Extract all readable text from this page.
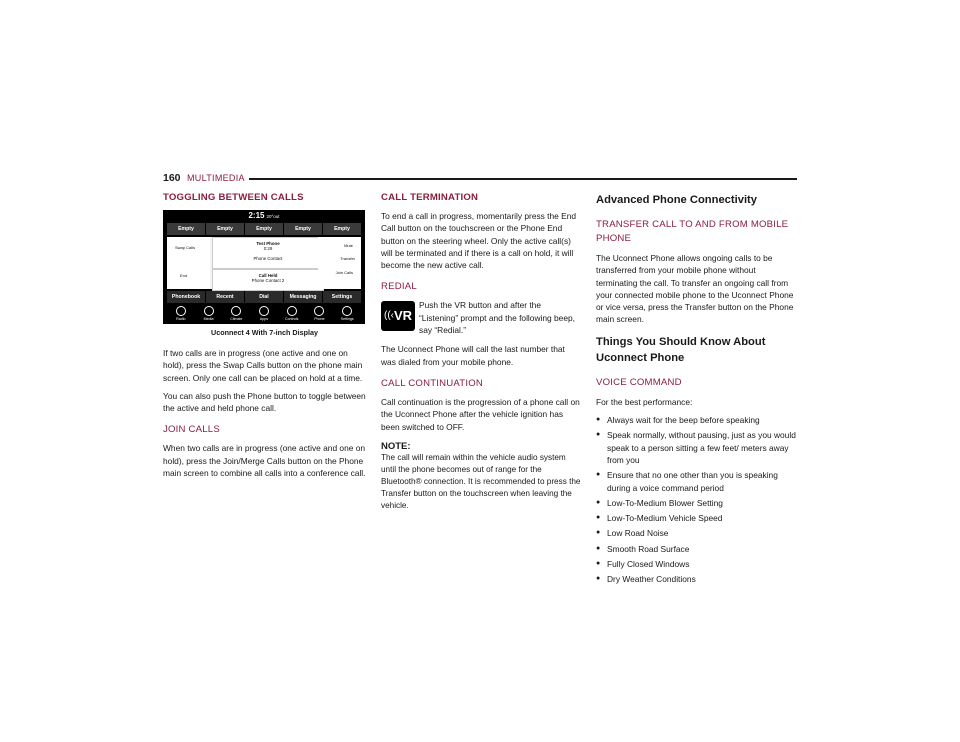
160 MULTIMEDIA
TOGGLING BETWEEN CALLS
2:15 20°out
Empty	Empty	Empty	Empty	Empty
Swap Calls
End
Test Phone
0:29
Phone Contact
Call Held
Phone Contact 2
Mute
Transfer
Join Calls
Phonebook	Recent	Dial	Messaging	Settings
Radio	Media	Climate	Apps	Controls	Phone	Settings
Uconnect 4 With 7-inch Display

If two calls are in progress (one active and one on hold), press the Swap Calls button on the phone main screen. Only one call can be placed on hold at a time.

You can also push the Phone button to toggle between the active and held phone call.

JOIN CALLS

When two calls are in progress (one active and one on hold), press the Join/Merge Calls button on the Phone main screen to combine all calls into a conference call.

CALL TERMINATION

To end a call in progress, momentarily press the End Call button on the touchscreen or the Phone End button on the steering wheel. Only the active call(s) will be terminated and if there is a call on hold, it will become the new active call.

REDIAL
((‹ VR
Push the VR button and after the “Listening” prompt and the following beep, say “Redial.”

The Uconnect Phone will call the last number that was dialed from your mobile phone.

CALL CONTINUATION

Call continuation is the progression of a phone call on the Uconnect Phone after the vehicle ignition has been switched to OFF.

NOTE:

The call will remain within the vehicle audio system until the phone becomes out of range for the Bluetooth® connection. It is recommended to press the Transfer button on the touchscreen when leaving the vehicle.

Advanced Phone Connectivity
TRANSFER CALL TO AND FROM MOBILE PHONE

The Uconnect Phone allows ongoing calls to be transferred from your mobile phone without terminating the call. To transfer an ongoing call from your connected mobile phone to the Uconnect Phone or vice versa, press the Transfer button on the Phone main screen.

Things You Should Know About Uconnect Phone
VOICE COMMAND

For the best performance:

● Always wait for the beep before speaking
● Speak normally, without pausing, just as you would speak to a person sitting a few feet/ meters away from you
● Ensure that no one other than you is speaking during a voice command period
● Low-To-Medium Blower Setting
● Low-To-Medium Vehicle Speed
● Low Road Noise
● Smooth Road Surface
● Fully Closed Windows
● Dry Weather Conditions
